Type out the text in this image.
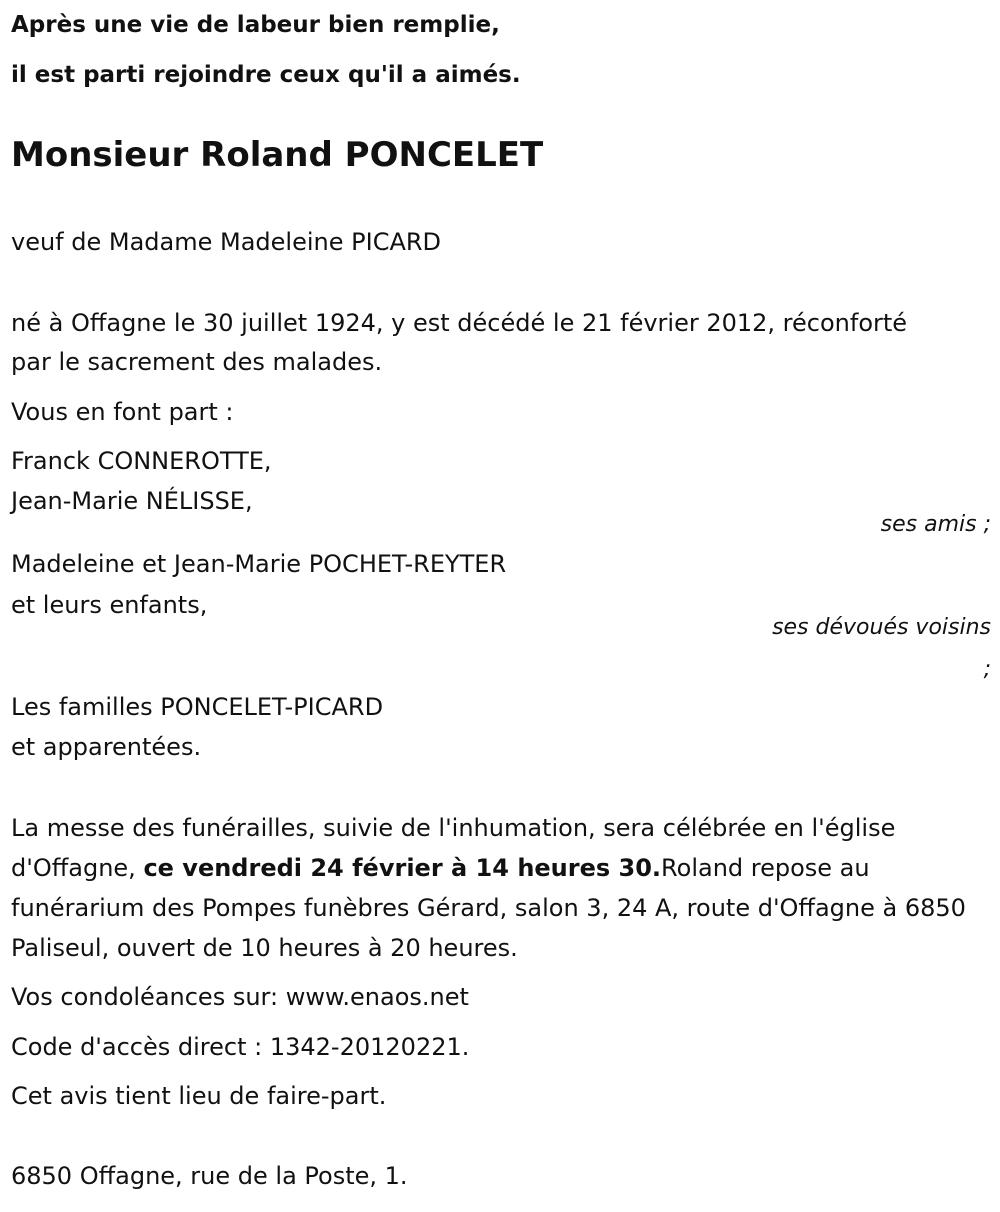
Après une vie de labeur bien remplie,
il est parti rejoindre ceux qu'il a aimés.
Monsieur Roland PONCELET
veuf de Madame Madeleine PICARD
né à Offagne le 30 juillet 1924, y est décédé le 21 février 2012, réconforté
par le sacrement des malades.
Vous en font part :
Franck CONNEROTTE,
Jean-Marie NÉLISSE,
ses amis ;
Madeleine et Jean-Marie POCHET-REYTER
et leurs enfants,
ses dévoués voisins
;
Les familles PONCELET-PICARD
et apparentées.
La messe des funérailles, suivie de l'inhumation, sera célébrée en l'église d'Offagne, ce vendredi 24 février à 14 heures 30.Roland repose au funérarium des Pompes funèbres Gérard, salon 3, 24 A, route d'Offagne à 6850 Paliseul, ouvert de 10 heures à 20 heures.
Vos condoléances sur: www.enaos.net
Code d'accès direct : 1342-20120221.
Cet avis tient lieu de faire-part.
6850 Offagne, rue de la Poste, 1.
